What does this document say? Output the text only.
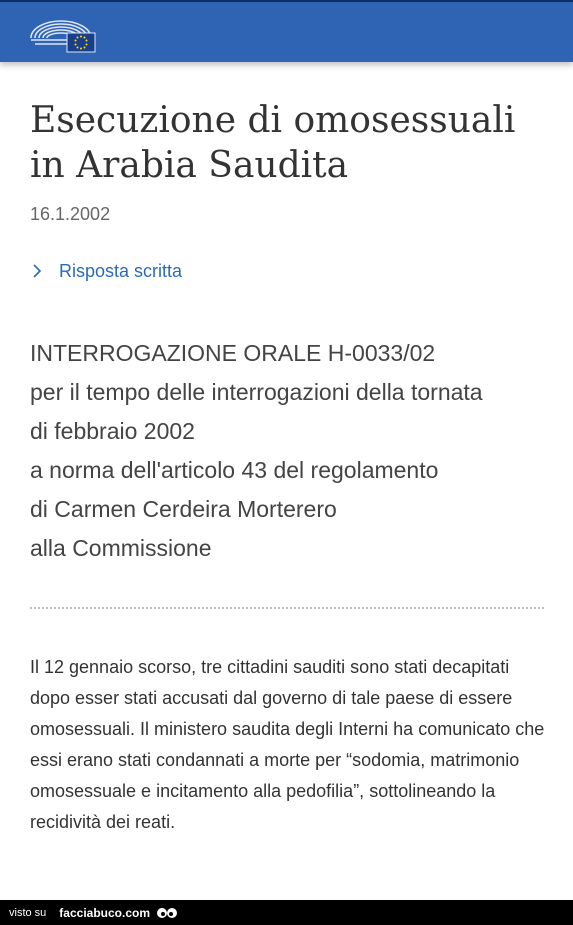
Esecuzione di omosessuali in Arabia Saudita
16.1.2002
Risposta scritta
INTERROGAZIONE ORALE H-0033/02
per il tempo delle interrogazioni della tornata
di febbraio 2002
a norma dell'articolo 43 del regolamento
di Carmen Cerdeira Morterero
alla Commissione

Il 12 gennaio scorso, tre cittadini sauditi sono stati decapitati dopo esser stati accusati dal governo di tale paese di essere omosessuali. Il ministero saudita degli Interni ha comunicato che essi erano stati condannati a morte per “sodomia, matrimonio omosessuale e incitamento alla pedofilia”, sottolineando la recidività dei reati.

visto su facciabuco.com
